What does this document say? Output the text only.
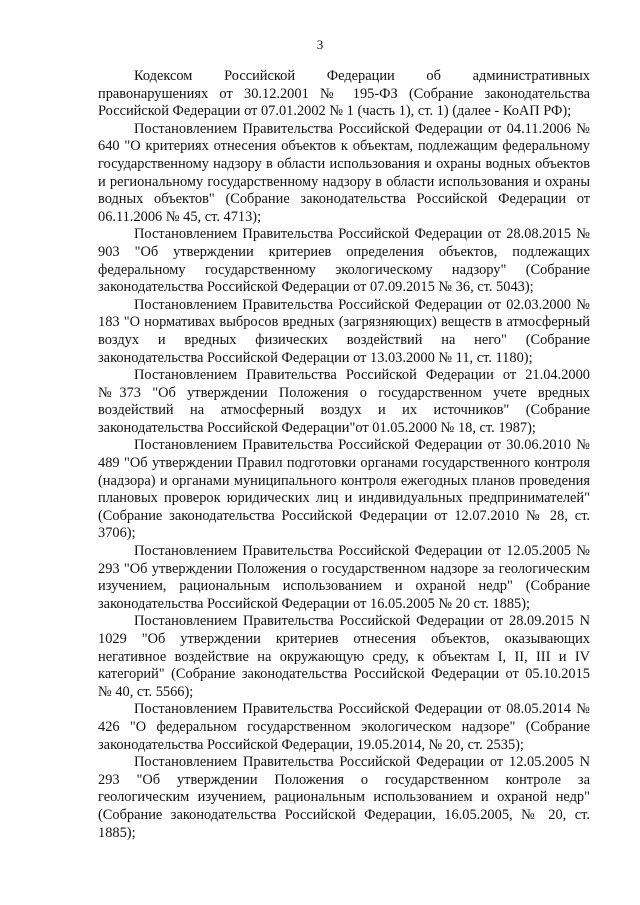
3

Кодексом Российской Федерации об административных правонарушениях от 30.12.2001 № 195-ФЗ (Собрание законодательства Российской Федерации от 07.01.2002 № 1 (часть 1), ст. 1) (далее - КоАП РФ);

Постановлением Правительства Российской Федерации от 04.11.2006 № 640 "О критериях отнесения объектов к объектам, подлежащим федеральному государственному надзору в области использования и охраны водных объектов и региональному государственному надзору в области использования и охраны водных объектов" (Собрание законодательства Российской Федерации от 06.11.2006 № 45, ст. 4713);

Постановлением Правительства Российской Федерации от 28.08.2015 № 903 "Об утверждении критериев определения объектов, подлежащих федеральному государственному экологическому надзору" (Собрание законодательства Российской Федерации от 07.09.2015 № 36, ст. 5043);

Постановлением Правительства Российской Федерации от 02.03.2000 № 183 "О нормативах выбросов вредных (загрязняющих) веществ в атмосферный воздух и вредных физических воздействий на него" (Собрание законодательства Российской Федерации от 13.03.2000 № 11, ст. 1180);

Постановлением Правительства Российской Федерации от 21.04.2000 №373 "Об утверждении Положения о государственном учете вредных воздействий на атмосферный воздух и их источников" (Собрание законодательства Российской Федерации"от 01.05.2000 № 18, ст. 1987);

Постановлением Правительства Российской Федерации от 30.06.2010 № 489 "Об утверждении Правил подготовки органами государственного контроля (надзора) и органами муниципального контроля ежегодных планов проведения плановых проверок юридических лиц и индивидуальных предпринимателей" (Собрание законодательства Российской Федерации от 12.07.2010 № 28, ст. 3706);

Постановлением Правительства Российской Федерации от 12.05.2005 № 293 "Об утверждении Положения о государственном надзоре за геологическим изучением, рациональным использованием и охраной недр" (Собрание законодательства Российской Федерации от 16.05.2005 № 20 ст. 1885);

Постановлением Правительства Российской Федерации от 28.09.2015 N 1029 "Об утверждении критериев отнесения объектов, оказывающих негативное воздействие на окружающую среду, к объектам I, II, III и IV категорий" (Собрание законодательства Российской Федерации от 05.10.2015 № 40, ст. 5566);

Постановлением Правительства Российской Федерации от 08.05.2014 № 426 "О федеральном государственном экологическом надзоре" (Собрание законодательства Российской Федерации, 19.05.2014, № 20, ст. 2535);

Постановлением Правительства Российской Федерации от 12.05.2005 N 293 "Об утверждении Положения о государственном контроле за геологическим изучением, рациональным использованием и охраной недр" (Собрание законодательства Российской Федерации, 16.05.2005, № 20, ст. 1885);
